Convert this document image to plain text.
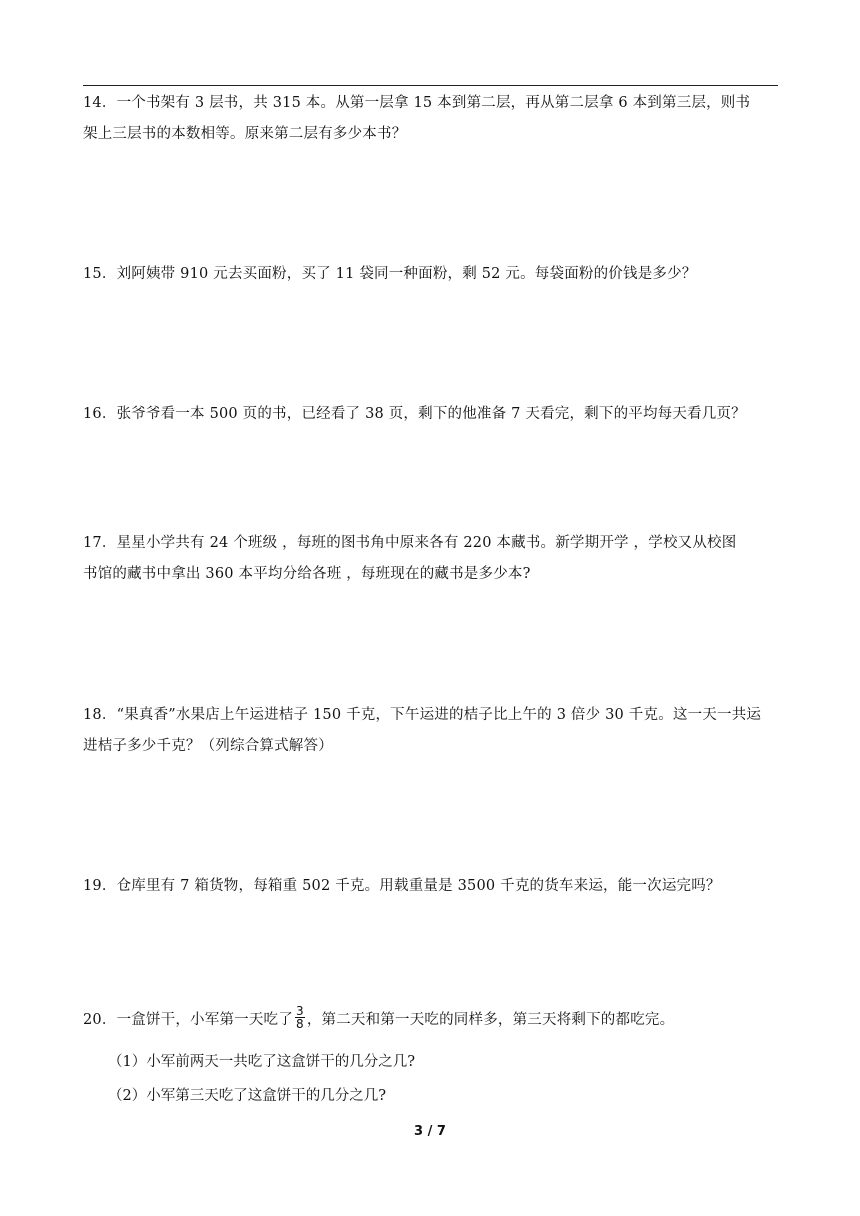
14．一个书架有 3 层书，共 315 本。从第一层拿 15 本到第二层，再从第二层拿 6 本到第三层，则书

架上三层书的本数相等。原来第二层有多少本书？

15．刘阿姨带 910 元去买面粉，买了 11 袋同一种面粉，剩 52 元。每袋面粉的价钱是多少？

16．张爷爷看一本 500 页的书，已经看了 38 页，剩下的他准备 7 天看完，剩下的平均每天看几页？

17．星星小学共有 24 个班级 ，每班的图书角中原来各有 220 本藏书。新学期开学 ，学校又从校图

书馆的藏书中拿出 360 本平均分给各班 ，每班现在的藏书是多少本?

18．“果真香”水果店上午运进桔子 150 千克，下午运进的桔子比上午的 3 倍少 30 千克。这一天一共运

进桔子多少千克？（列综合算式解答）

19．仓库里有 7 箱货物，每箱重 502 千克。用载重量是 3500 千克的货车来运，能一次运完吗？

20．一盒饼干，小军第一天吃了 $\frac{3}{8}$ ，第二天和第一天吃的同样多，第三天将剩下的都吃完。

（1）小军前两天一共吃了这盒饼干的几分之几?
（2）小军第三天吃了这盒饼干的几分之几?
3 / 7
